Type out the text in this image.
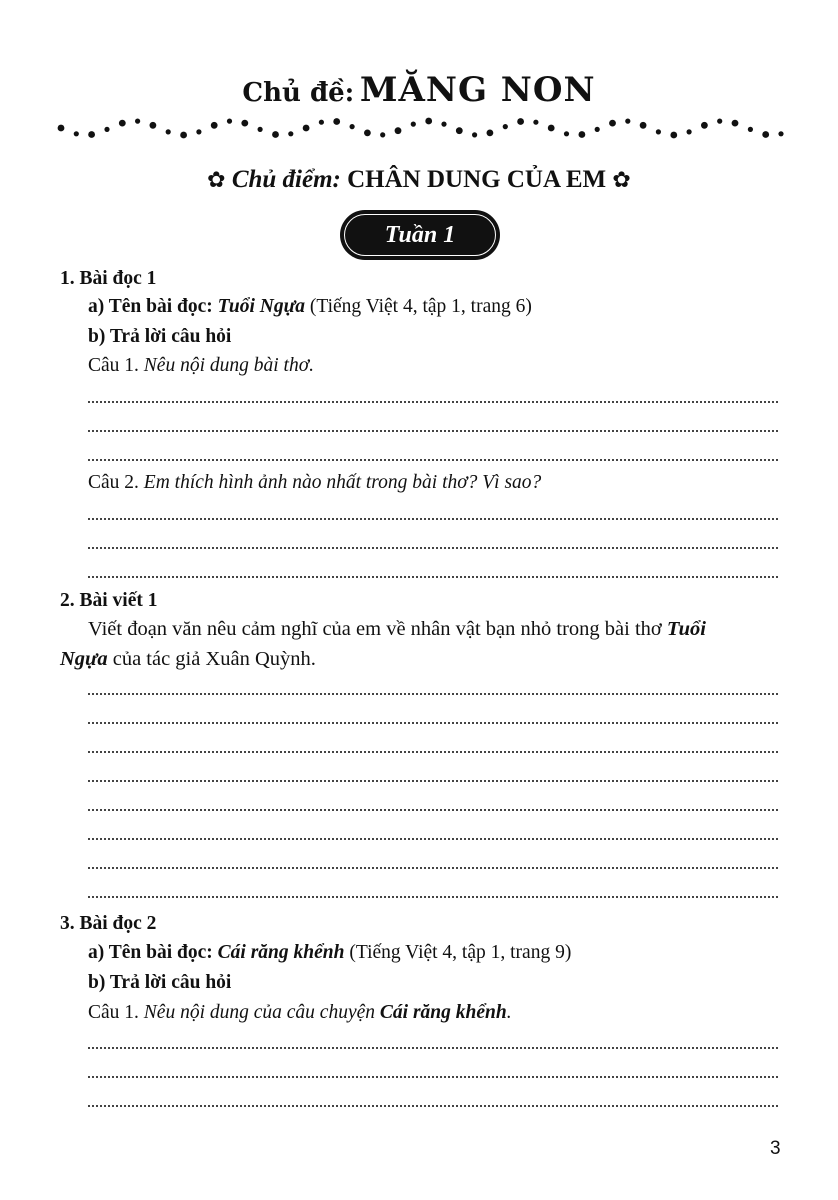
Chủ đề: MĂNG NON
✿ Chủ điểm: CHÂN DUNG CỦA EM ✿
Tuần 1
1. Bài đọc 1
a) Tên bài đọc: Tuổi Ngựa (Tiếng Việt 4, tập 1, trang 6)
b) Trả lời câu hỏi
Câu 1. Nêu nội dung bài thơ.
Câu 2. Em thích hình ảnh nào nhất trong bài thơ? Vì sao?
2. Bài viết 1
Viết đoạn văn nêu cảm nghĩ của em về nhân vật bạn nhỏ trong bài thơ Tuổi
Ngựa của tác giả Xuân Quỳnh.
3. Bài đọc 2
a) Tên bài đọc: Cái răng khểnh (Tiếng Việt 4, tập 1, trang 9)
b) Trả lời câu hỏi
Câu 1. Nêu nội dung của câu chuyện Cái răng khểnh.
3
